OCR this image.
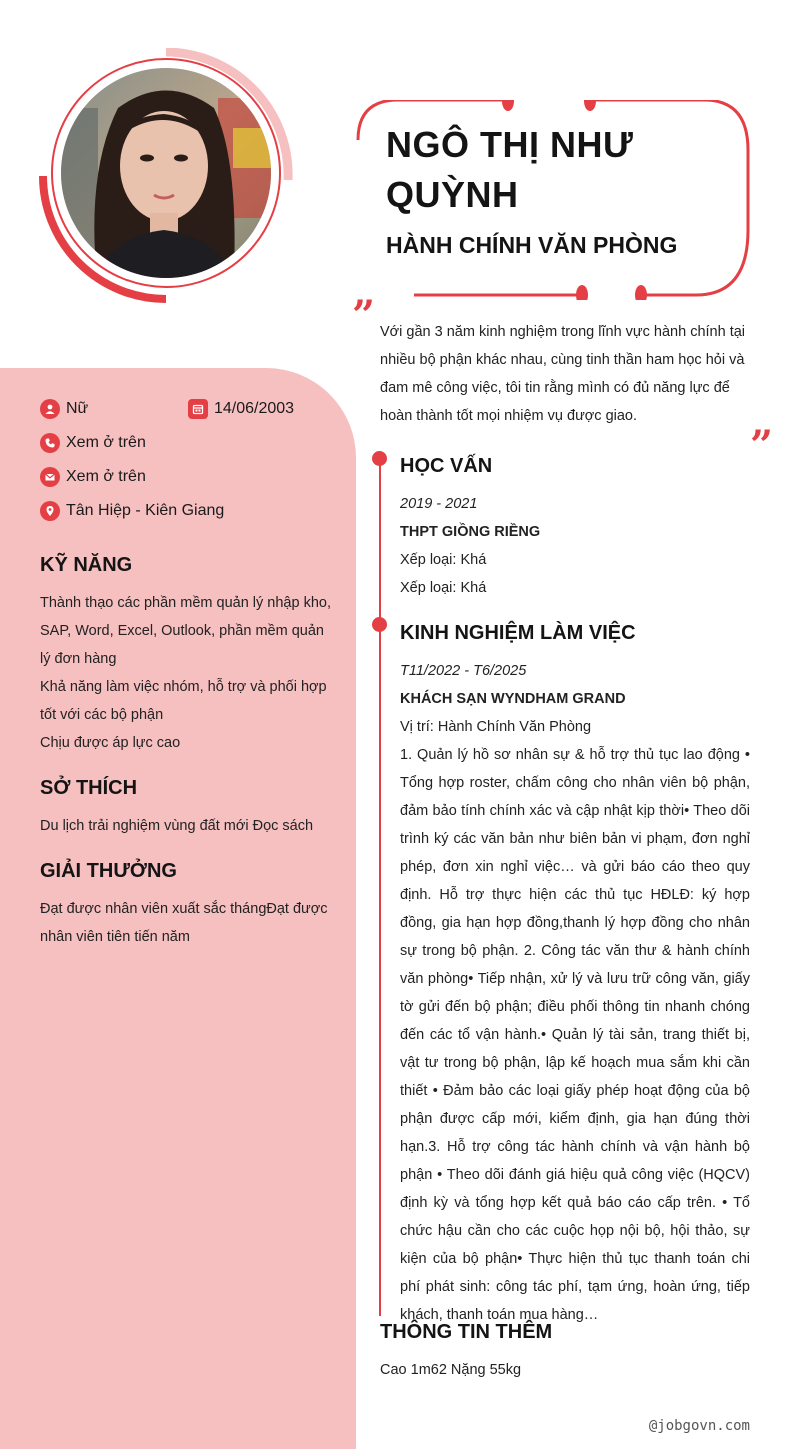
NGÔ THỊ NHƯ QUỲNH
HÀNH CHÍNH VĂN PHÒNG
” Với gần 3 năm kinh nghiệm trong lĩnh vực hành chính tại nhiều bộ phận khác nhau, cùng tinh thần ham học hỏi và đam mê công việc, tôi tin rằng mình có đủ năng lực để hoàn thành tốt mọi nhiệm vụ được giao.
”
Nữ	14/06/2003
Xem ở trên
Xem ở trên
Tân Hiệp - Kiên Giang
KỸ NĂNG

Thành thạo các phần mềm quản lý nhập kho, SAP, Word, Excel, Outlook, phần mềm quản lý đơn hàng

Khả năng làm việc nhóm, hỗ trợ và phối hợp tốt với các bộ phận

Chịu được áp lực cao

SỞ THÍCH
Du lịch trải nghiệm vùng đất mới Đọc sách
GIẢI THƯỞNG
Đạt được nhân viên xuất sắc thángĐạt được nhân viên tiên tiến năm
HỌC VẤN

2019 - 2021

THPT GIỒNG RIỀNG

Xếp loại: Khá

Xếp loại: Khá

KINH NGHIỆM LÀM VIỆC

T11/2022 - T6/2025

KHÁCH SẠN WYNDHAM GRAND

Vị trí: Hành Chính Văn Phòng

1. Quản lý hồ sơ nhân sự & hỗ trợ thủ tục lao động • Tổng hợp roster, chấm công cho nhân viên bộ phận, đảm bảo tính chính xác và cập nhật kịp thời• Theo dõi trình ký các văn bản như biên bản vi phạm, đơn nghỉ phép, đơn xin nghỉ việc… và gửi báo cáo theo quy định. Hỗ trợ thực hiện các thủ tục HĐLĐ: ký hợp đồng, gia hạn hợp đồng,thanh lý hợp đồng cho nhân sự trong bộ phận. 2. Công tác văn thư & hành chính văn phòng• Tiếp nhận, xử lý và lưu trữ công văn, giấy tờ gửi đến bộ phận; điều phối thông tin nhanh chóng đến các tổ vận hành.• Quản lý tài sản, trang thiết bị, vật tư trong bộ phận, lập kế hoạch mua sắm khi cần thiết • Đảm bảo các loại giấy phép hoạt động của bộ phận được cấp mới, kiểm định, gia hạn đúng thời hạn.3. Hỗ trợ công tác hành chính và vận hành bộ phận • Theo dõi đánh giá hiệu quả công việc (HQCV) định kỳ và tổng hợp kết quả báo cáo cấp trên. • Tổ chức hậu cần cho các cuộc họp nội bộ, hội thảo, sự kiện của bộ phận• Thực hiện thủ tục thanh toán chi phí phát sinh: công tác phí, tạm ứng, hoàn ứng, tiếp khách, thanh toán mua hàng…

THÔNG TIN THÊM
Cao 1m62 Nặng 55kg
@jobgovn.com
